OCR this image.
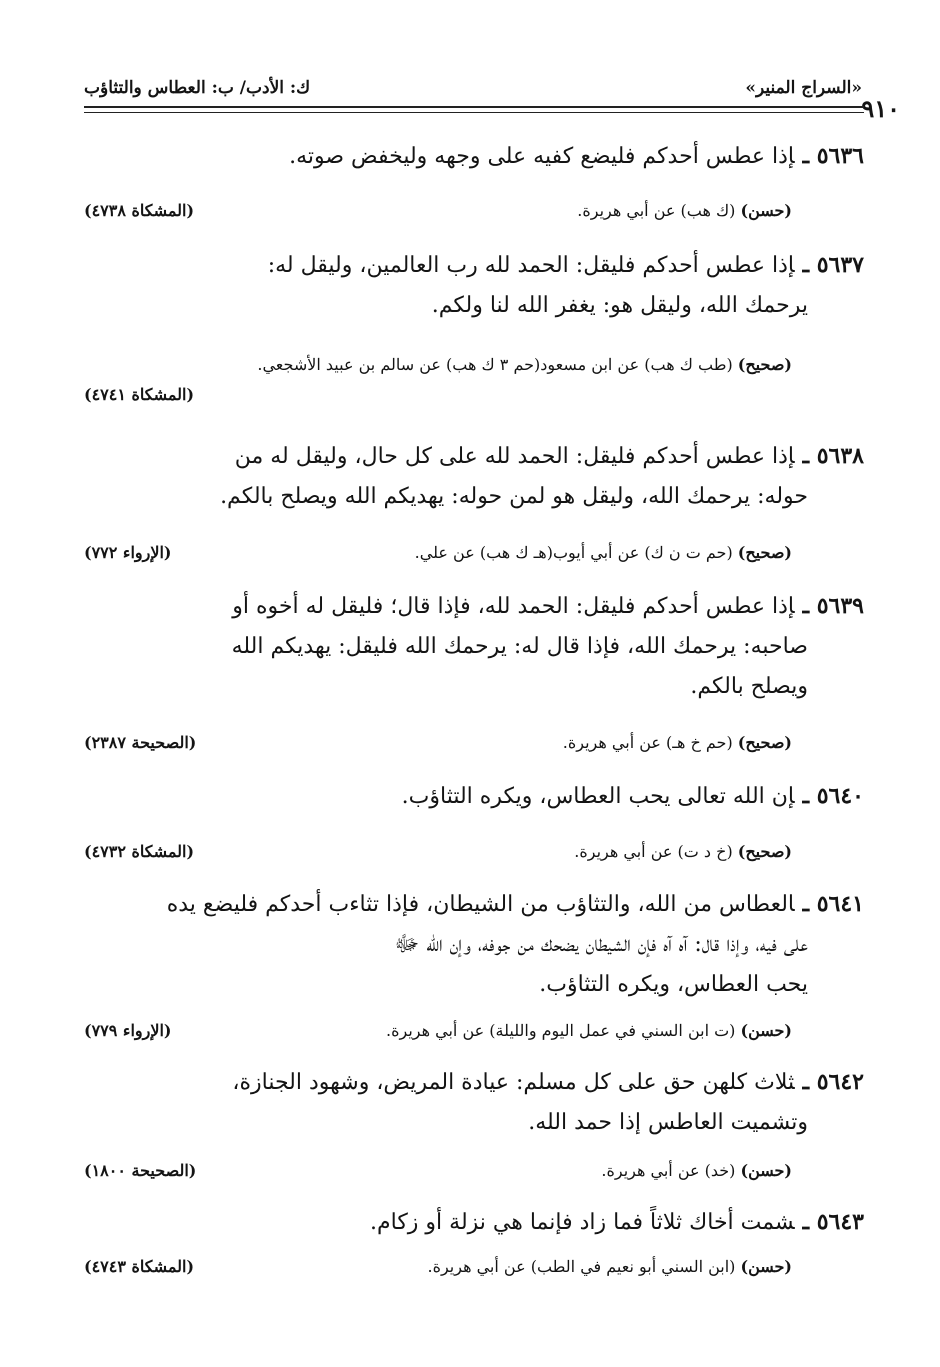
«السراج المنير»
ك: الأدب/ ب: العطاس والتثاؤب
٩١٠
٥٦٣٦ ـإذا عطس أحدكم فليضع كفيه على وجهه وليخفض صوته.
(حسن) (ك هب) عن أبي هريرة.
(المشكاة ٤٧٣٨)
٥٦٣٧ ـإذا عطس أحدكم فليقل: الحمد لله رب العالمين، وليقل له:
يرحمك الله، وليقل هو: يغفر الله لنا ولكم.
(صحيح) (طب ك هب) عن ابن مسعود(حم ٣ ك هب) عن سالم بن عبيد الأشجعي.
(المشكاة ٤٧٤١)
٥٦٣٨ ـإذا عطس أحدكم فليقل: الحمد لله على كل حال، وليقل له من
حوله: يرحمك الله، وليقل هو لمن حوله: يهديكم الله ويصلح بالكم.
(صحيح) (حم ت ن ك) عن أبي أيوب(هـ ك هب) عن علي.
(الإرواء ٧٧٢)
٥٦٣٩ ـإذا عطس أحدكم فليقل: الحمد لله، فإذا قال؛ فليقل له أخوه أو
صاحبه: يرحمك الله، فإذا قال له: يرحمك الله فليقل: يهديكم الله
ويصلح بالكم.
(صحيح) (حم خ هـ) عن أبي هريرة.
(الصحيحة ٢٣٨٧)
٥٦٤٠ ـإن الله تعالى يحب العطاس، ويكره التثاؤب.
(صحيح) (خ د ت) عن أبي هريرة.
(المشكاة ٤٧٣٢)
٥٦٤١ ـالعطاس من الله، والتثاؤب من الشيطان، فإذا تثاءب أحدكم فليضع يده
على فيه، وإذا قال: آه آه فإن الشيطان يضحك من جوفه، وإن الله ﷻ
يحب العطاس، ويكره التثاؤب.
(حسن) (ت ابن السني في عمل اليوم والليلة) عن أبي هريرة.
(الإرواء ٧٧٩)
٥٦٤٢ ـثلاث كلهن حق على كل مسلم: عيادة المريض، وشهود الجنازة،
وتشميت العاطس إذا حمد الله.
(حسن) (خد) عن أبي هريرة.
(الصحيحة ١٨٠٠)
٥٦٤٣ ـشمت أخاك ثلاثاً فما زاد فإنما هي نزلة أو زكام.
(حسن) (ابن السني أبو نعيم في الطب) عن أبي هريرة.
(المشكاة ٤٧٤٣)
